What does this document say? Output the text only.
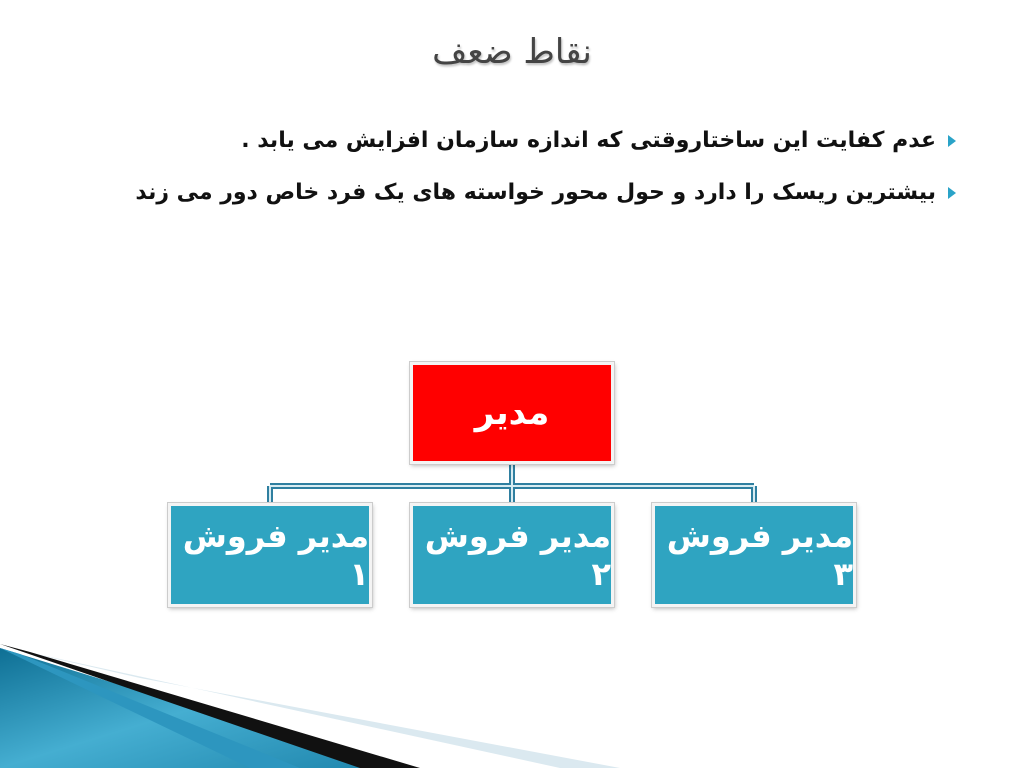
نقاط ضعف
عدم کفایت این ساختاروقتی که اندازه سازمان افزایش می یابد .
بیشترین ریسک را دارد و حول محور خواسته های یک فرد خاص دور می زند
مدیر
مدیر فروش ۱
مدیر فروش ۲
مدیر فروش ۳
